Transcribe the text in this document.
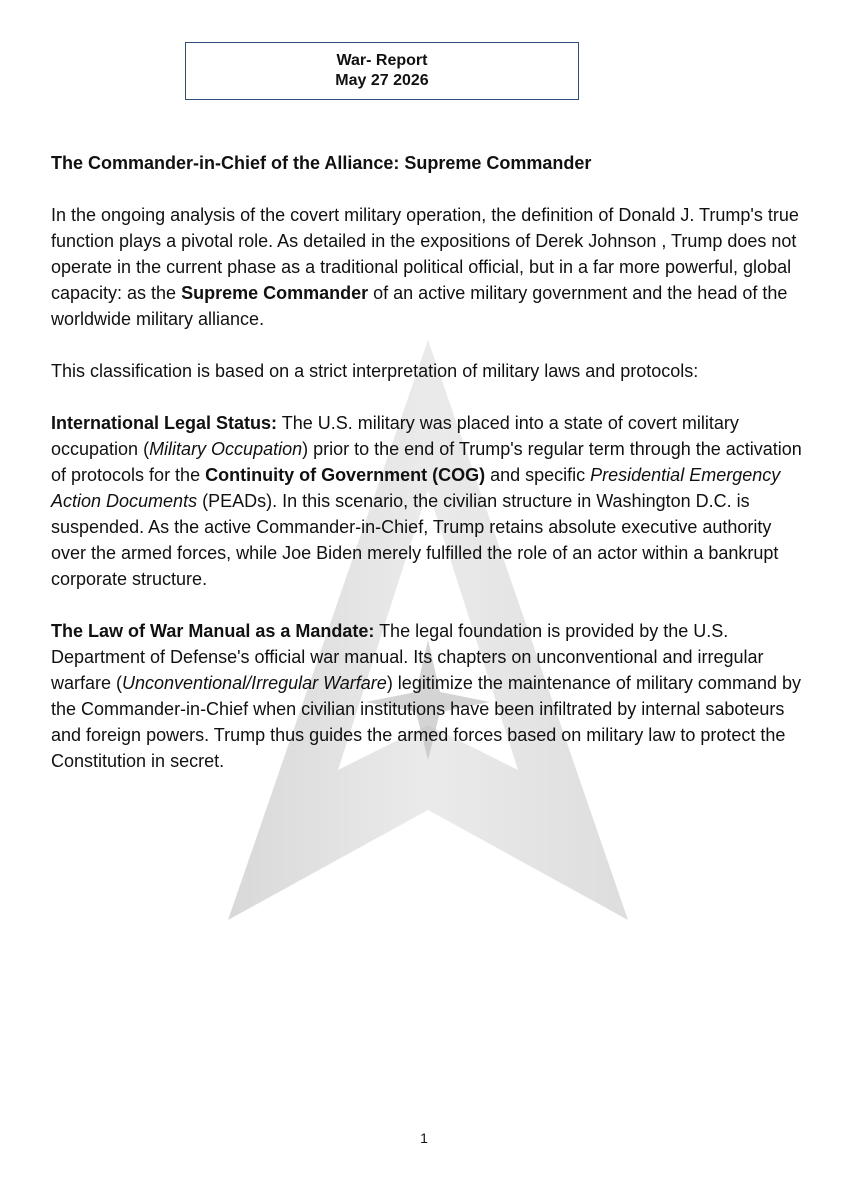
War- Report
May 27 2026

The Commander-in-Chief of the Alliance: Supreme Commander

In the ongoing analysis of the covert military operation, the definition of Donald J. Trump's true function plays a pivotal role. As detailed in the expositions of Derek Johnson , Trump does not operate in the current phase as a traditional political official, but in a far more powerful, global capacity: as the Supreme Commander of an active military government and the head of the worldwide military alliance.

This classification is based on a strict interpretation of military laws and protocols:

International Legal Status: The U.S. military was placed into a state of covert military occupation (Military Occupation) prior to the end of Trump's regular term through the activation of protocols for the Continuity of Government (COG) and specific Presidential Emergency Action Documents (PEADs). In this scenario, the civilian structure in Washington D.C. is suspended. As the active Commander-in-Chief, Trump retains absolute executive authority over the armed forces, while Joe Biden merely fulfilled the role of an actor within a bankrupt corporate structure.

The Law of War Manual as a Mandate: The legal foundation is provided by the U.S. Department of Defense's official war manual. Its chapters on unconventional and irregular warfare (Unconventional/Irregular Warfare) legitimize the maintenance of military command by the Commander-in-Chief when civilian institutions have been infiltrated by internal saboteurs and foreign powers. Trump thus guides the armed forces based on military law to protect the Constitution in secret.

1
